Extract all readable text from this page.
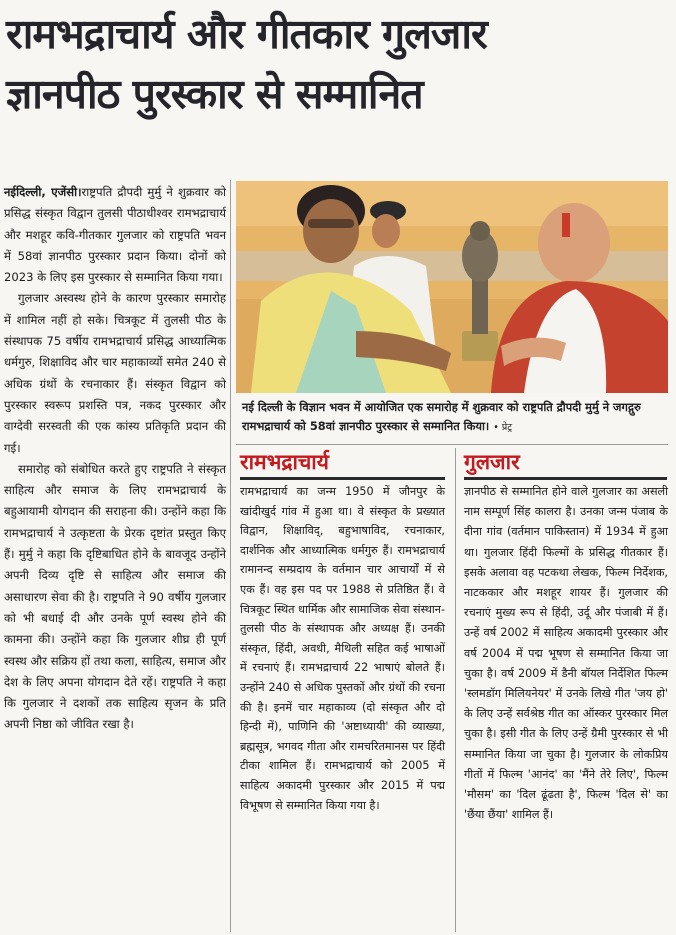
रामभद्राचार्य और गीतकार गुलजार
ज्ञानपीठ पुरस्कार से सम्मानित

नईदिल्ली, एजेंसी।राष्ट्रपति द्रौपदी मुर्मु ने शुक्रवार को प्रसिद्ध संस्कृत विद्वान तुलसी पीठाधीश्वर रामभद्राचार्य और मशहूर कवि-गीतकार गुलजार को राष्ट्रपति भवन में 58वां ज्ञानपीठ पुरस्कार प्रदान किया। दोनों को 2023 के लिए इस पुरस्कार से सम्मानित किया गया।

गुलजार अस्वस्थ होने के कारण पुरस्कार समारोह में शामिल नहीं हो सके। चित्रकूट में तुलसी पीठ के संस्थापक 75 वर्षीय रामभद्राचार्य प्रसिद्ध आध्यात्मिक धर्मगुरु, शिक्षाविद और चार महाकाव्यों समेत 240 से अधिक ग्रंथों के रचनाकार हैं। संस्कृत विद्वान को पुरस्कार स्वरूप प्रशस्ति पत्र, नकद पुरस्कार और वाग्देवी सरस्वती की एक कांस्य प्रतिकृति प्रदान की गई।

समारोह को संबोधित करते हुए राष्ट्रपति ने संस्कृत साहित्य और समाज के लिए रामभद्राचार्य के बहुआयामी योगदान की सराहना की। उन्होंने कहा कि रामभद्राचार्य ने उत्कृष्टता के प्रेरक दृष्टांत प्रस्तुत किए हैं। मुर्मु ने कहा कि दृष्टिबाधित होने के बावजूद उन्होंने अपनी दिव्य दृष्टि से साहित्य और समाज की असाधारण सेवा की है। राष्ट्रपति ने 90 वर्षीय गुलजार को भी बधाई दी और उनके पूर्ण स्वस्थ होने की कामना की। उन्होंने कहा कि गुलजार शीघ्र ही पूर्ण स्वस्थ और सक्रिय हों तथा कला, साहित्य, समाज और देश के लिए अपना योगदान देते रहें। राष्ट्रपति ने कहा कि गुलजार ने दशकों तक साहित्य सृजन के प्रति अपनी निष्ठा को जीवित रखा है।

नई दिल्ली के विज्ञान भवन में आयोजित एक समारोह में शुक्रवार को राष्ट्रपति द्रौपदी मुर्मु ने जगद्गुरु रामभद्राचार्य को 58वां ज्ञानपीठ पुरस्कार से सम्मानित किया। • प्रेट्र
रामभद्राचार्य	गुलजार

रामभद्राचार्य का जन्म 1950 में जौनपुर के खांदीखुर्द गांव में हुआ था। वे संस्कृत के प्रख्यात विद्वान, शिक्षाविद्, बहुभाषाविद, रचनाकार, दार्शनिक और आध्यात्मिक धर्मगुरु हैं। रामभद्राचार्य रामानन्द सम्प्रदाय के वर्तमान चार आचार्यों में से एक हैं। वह इस पद पर 1988 से प्रतिष्ठित हैं। वे चित्रकूट स्थित धार्मिक और सामाजिक सेवा संस्थान-तुलसी पीठ के संस्थापक और अध्यक्ष हैं। उनकी संस्कृत, हिंदी, अवधी, मैथिली सहित कई भाषाओं में रचनाएं हैं। रामभद्राचार्य 22 भाषाएं बोलते हैं। उन्होंने 240 से अधिक पुस्तकों और ग्रंथों की रचना की है। इनमें चार महाकाव्य (दो संस्कृत और दो हिन्दी में), पाणिनि की 'अष्टाध्यायी' की व्याख्या, ब्रह्मसूत्र, भगवद गीता और रामचरितमानस पर हिंदी टीका शामिल हैं। रामभद्राचार्य को 2005 में साहित्य अकादमी पुरस्कार और 2015 में पद्म विभूषण से सम्मानित किया गया है।

ज्ञानपीठ से सम्मानित होने वाले गुलजार का असली नाम सम्पूर्ण सिंह कालरा है। उनका जन्म पंजाब के दीना गांव (वर्तमान पाकिस्तान) में 1934 में हुआ था। गुलजार हिंदी फिल्मों के प्रसिद्ध गीतकार हैं। इसके अलावा वह पटकथा लेखक, फिल्म निर्देशक, नाटककार और मशहूर शायर हैं। गुलजार की रचनाएं मुख्य रूप से हिंदी, उर्दू और पंजाबी में हैं। उन्हें वर्ष 2002 में साहित्य अकादमी पुरस्कार और वर्ष 2004 में पद्म भूषण से सम्मानित किया जा चुका है। वर्ष 2009 में डैनी बॉयल निर्देशित फिल्म 'स्लमडॉग मिलियनेयर' में उनके लिखे गीत 'जय हो' के लिए उन्हें सर्वश्रेष्ठ गीत का ऑस्कर पुरस्कार मिल चुका है। इसी गीत के लिए उन्हें ग्रैमी पुरस्कार से भी सम्मानित किया जा चुका है। गुलजार के लोकप्रिय गीतों में फिल्म 'आनंद' का 'मैंने तेरे लिए', फिल्म 'मौसम' का 'दिल ढूंढता है', फिल्म 'दिल से' का 'छैंया छैंया' शामिल हैं।
